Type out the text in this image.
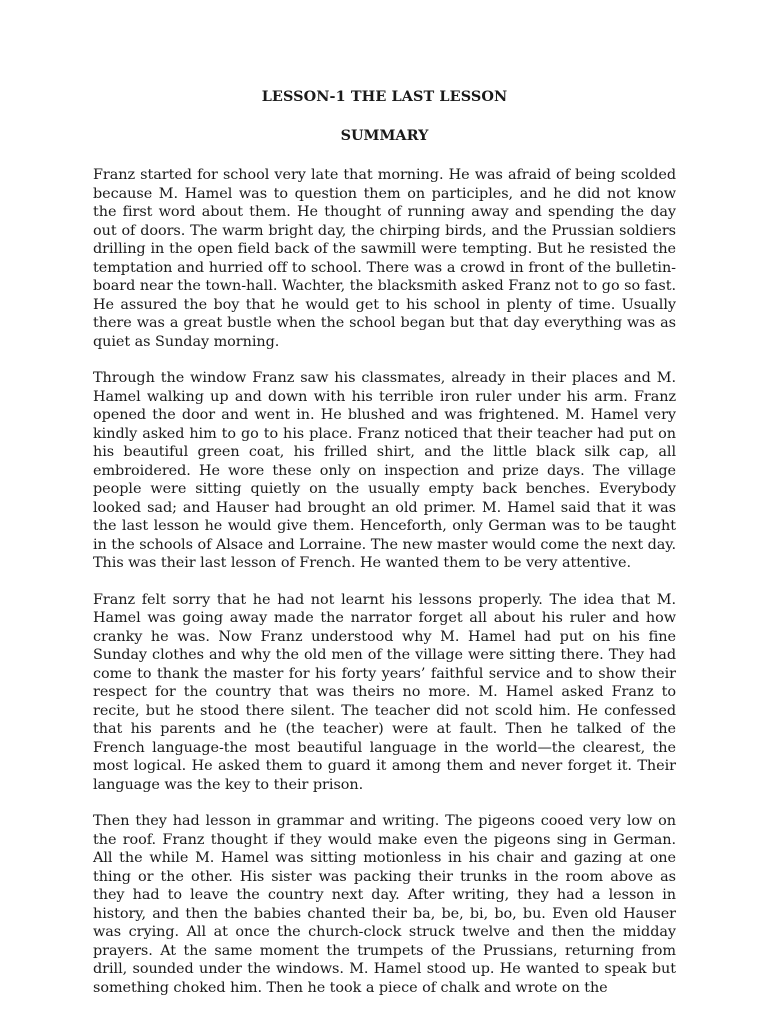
LESSON-1 THE LAST LESSON
SUMMARY

Franz started for school very late that morning. He was afraid of being scolded because M. Hamel was to question them on participles, and he did not know the first word about them. He thought of running away and spending the day out of doors. The warm bright day, the chirping birds, and the Prussian soldiers drilling in the open field back of the sawmill were tempting. But he resisted the temptation and hurried off to school. There was a crowd in front of the bulletin-board near the town-hall. Wachter, the blacksmith asked Franz not to go so fast. He assured the boy that he would get to his school in plenty of time. Usually there was a great bustle when the school began but that day everything was as quiet as Sunday morning.

Through the window Franz saw his classmates, already in their places and M. Hamel walking up and down with his terrible iron ruler under his arm. Franz opened the door and went in. He blushed and was frightened. M. Hamel very kindly asked him to go to his place. Franz noticed that their teacher had put on his beautiful green coat, his frilled shirt, and the little black silk cap, all embroidered. He wore these only on inspection and prize days. The village people were sitting quietly on the usually empty back benches. Everybody looked sad; and Hauser had brought an old primer. M. Hamel said that it was the last lesson he would give them. Henceforth, only German was to be taught in the schools of Alsace and Lorraine. The new master would come the next day. This was their last lesson of French. He wanted them to be very attentive.

Franz felt sorry that he had not learnt his lessons properly. The idea that M. Hamel was going away made the narrator forget all about his ruler and how cranky he was. Now Franz understood why M. Hamel had put on his fine Sunday clothes and why the old men of the village were sitting there. They had come to thank the master for his forty years’ faithful service and to show their respect for the country that was theirs no more. M. Hamel asked Franz to recite, but he stood there silent. The teacher did not scold him. He confessed that his parents and he (the teacher) were at fault. Then he talked of the French language-the most beautiful language in the world—the clearest, the most logical. He asked them to guard it among them and never forget it. Their language was the key to their prison.

Then they had lesson in grammar and writing. The pigeons cooed very low on the roof. Franz thought if they would make even the pigeons sing in German. All the while M. Hamel was sitting motionless in his chair and gazing at one thing or the other. His sister was packing their trunks in the room above as they had to leave the country next day. After writing, they had a lesson in history, and then the babies chanted their ba, be, bi, bo, bu. Even old Hauser was crying. All at once the church-clock struck twelve and then the midday prayers. At the same moment the trumpets of the Prussians, returning from drill, sounded under the windows. M. Hamel stood up. He wanted to speak but something choked him. Then he took a piece of chalk and wrote on the
